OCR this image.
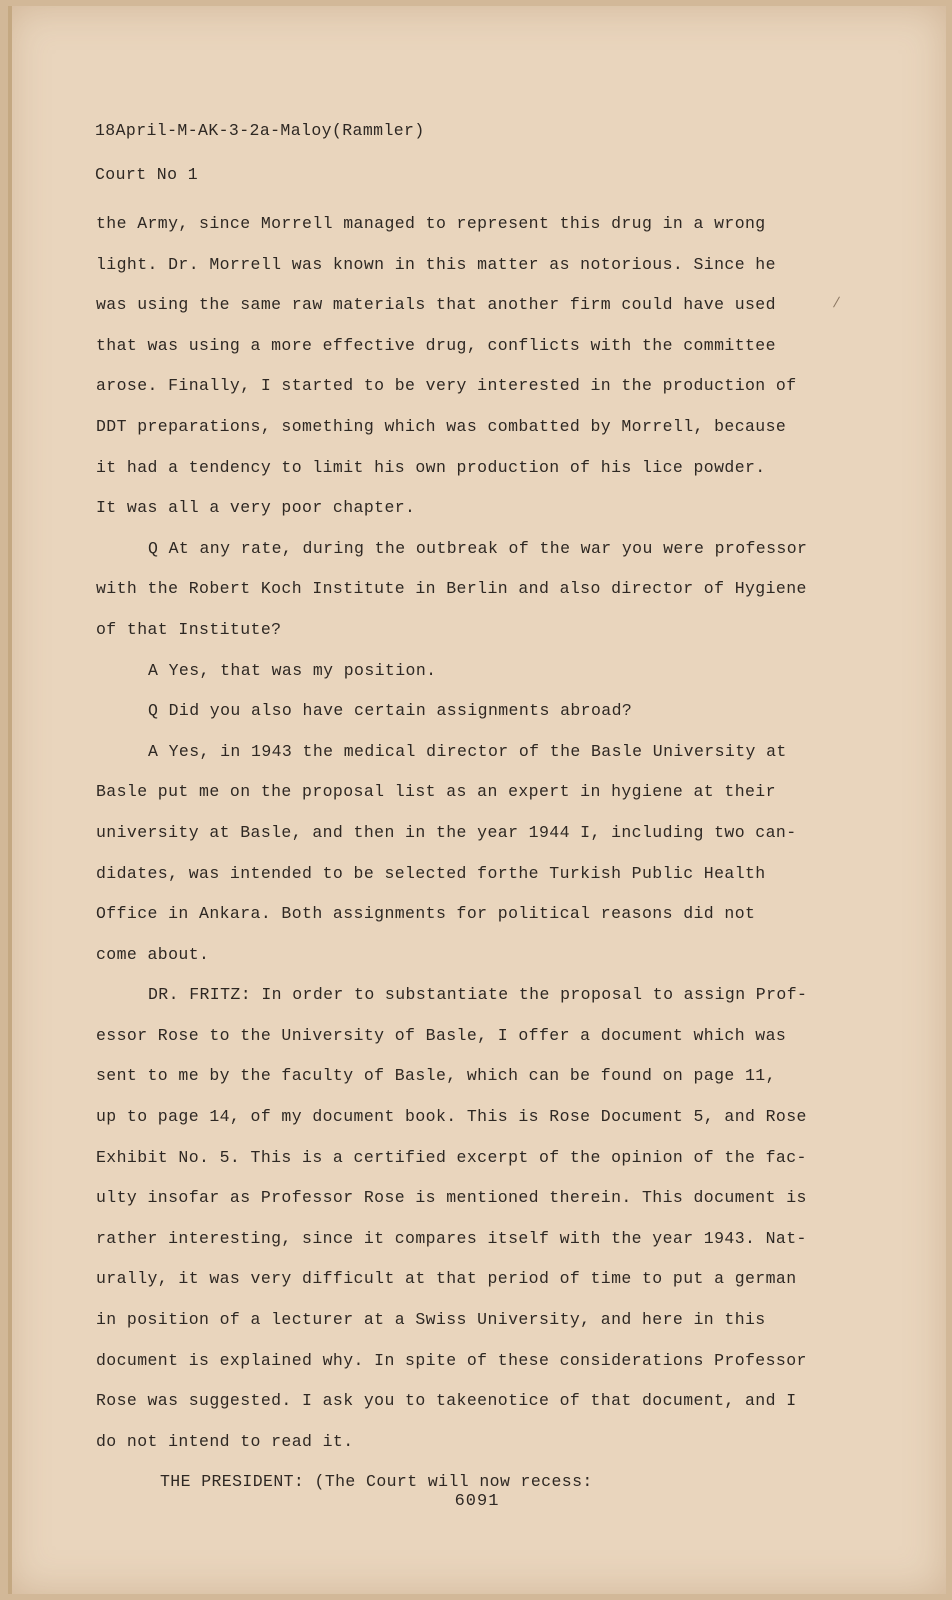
18April-M-AK-3-2a-Maloy(Rammler)
Court No 1
the Army, since Morrell managed to represent this drug in a wrong
light. Dr. Morrell was known in this matter as notorious. Since he
was using the same raw materials that another firm could have used
that was using a more effective drug, conflicts with the committee
arose. Finally, I started to be very interested in the production of
DDT preparations, something which was combatted by Morrell, because
it had a tendency to limit his own production of his lice powder.
It was all a very poor chapter.
Q At any rate, during the outbreak of the war you were professor
with the Robert Koch Institute in Berlin and also director of Hygiene
of that Institute?
A Yes, that was my position.
Q Did you also have certain assignments abroad?
A Yes, in 1943 the medical director of the Basle University at
Basle put me on the proposal list as an expert in hygiene at their
university at Basle, and then in the year 1944 I, including two can-
didates, was intended to be selected forthe Turkish Public Health
Office in Ankara. Both assignments for political reasons did not
come about.
DR. FRITZ: In order to substantiate the proposal to assign Prof-
essor Rose to the University of Basle, I offer a document which was
sent to me by the faculty of Basle, which can be found on page 11,
up to page 14, of my document book. This is Rose Document 5, and Rose
Exhibit No. 5. This is a certified excerpt of the opinion of the fac-
ulty insofar as Professor Rose is mentioned therein. This document is
rather interesting, since it compares itself with the year 1943. Nat-
urally, it was very difficult at that period of time to put a german
in position of a lecturer at a Swiss University, and here in this
document is explained why. In spite of these considerations Professor
Rose was suggested. I ask you to takeenotice of that document, and I
do not intend to read it.
THE PRESIDENT: (The Court will now recess:
6091
